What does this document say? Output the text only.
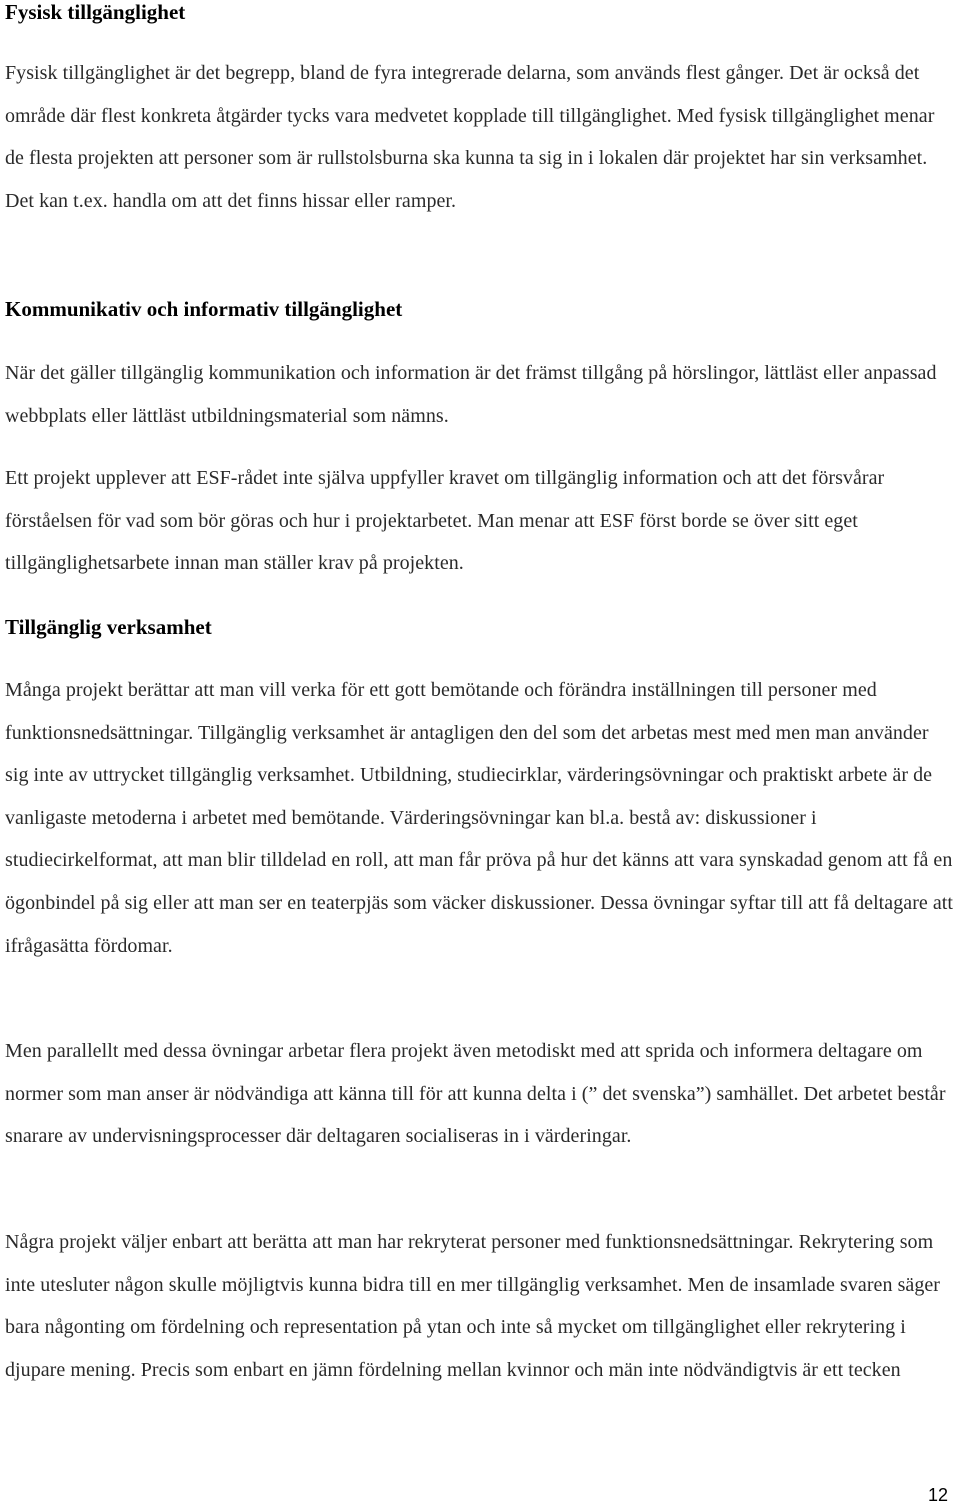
Fysisk tillgänglighet

Fysisk tillgänglighet är det begrepp, bland de fyra integrerade delarna, som används flest gånger. Det är också det område där flest konkreta åtgärder tycks vara medvetet kopplade till tillgänglighet. Med fysisk tillgänglighet menar de flesta projekten att personer som är rullstolsburna ska kunna ta sig in i lokalen där projektet har sin verksamhet. Det kan t.ex. handla om att det finns hissar eller ramper.

Kommunikativ och informativ tillgänglighet

När det gäller tillgänglig kommunikation och information är det främst tillgång på hörslingor, lättläst eller anpassad webbplats eller lättläst utbildningsmaterial som nämns.

Ett projekt upplever att ESF-rådet inte själva uppfyller kravet om tillgänglig information och att det försvårar förståelsen för vad som bör göras och hur i projektarbetet. Man menar att ESF först borde se över sitt eget tillgänglighetsarbete innan man ställer krav på projekten.

Tillgänglig verksamhet

Många projekt berättar att man vill verka för ett gott bemötande och förändra inställningen till personer med funktionsnedsättningar. Tillgänglig verksamhet är antagligen den del som det arbetas mest med men man använder sig inte av uttrycket tillgänglig verksamhet. Utbildning, studiecirklar, värderingsövningar och praktiskt arbete är de vanligaste metoderna i arbetet med bemötande. Värderingsövningar kan bl.a. bestå av: diskussioner i studiecirkelformat, att man blir tilldelad en roll, att man får pröva på hur det känns att vara synskadad genom att få en ögonbindel på sig eller att man ser en teaterpjäs som väcker diskussioner. Dessa övningar syftar till att få deltagare att ifrågasätta fördomar.

Men parallellt med dessa övningar arbetar flera projekt även metodiskt med att sprida och informera deltagare om normer som man anser är nödvändiga att känna till för att kunna delta i (” det svenska”) samhället. Det arbetet består snarare av undervisningsprocesser där deltagaren socialiseras in i värderingar.

Några projekt väljer enbart att berätta att man har rekryterat personer med funktionsnedsättningar. Rekrytering som inte utesluter någon skulle möjligtvis kunna bidra till en mer tillgänglig verksamhet. Men de insamlade svaren säger bara någonting om fördelning och representation på ytan och inte så mycket om tillgänglighet eller rekrytering i djupare mening. Precis som enbart en jämn fördelning mellan kvinnor och män inte nödvändigtvis är ett tecken

12
